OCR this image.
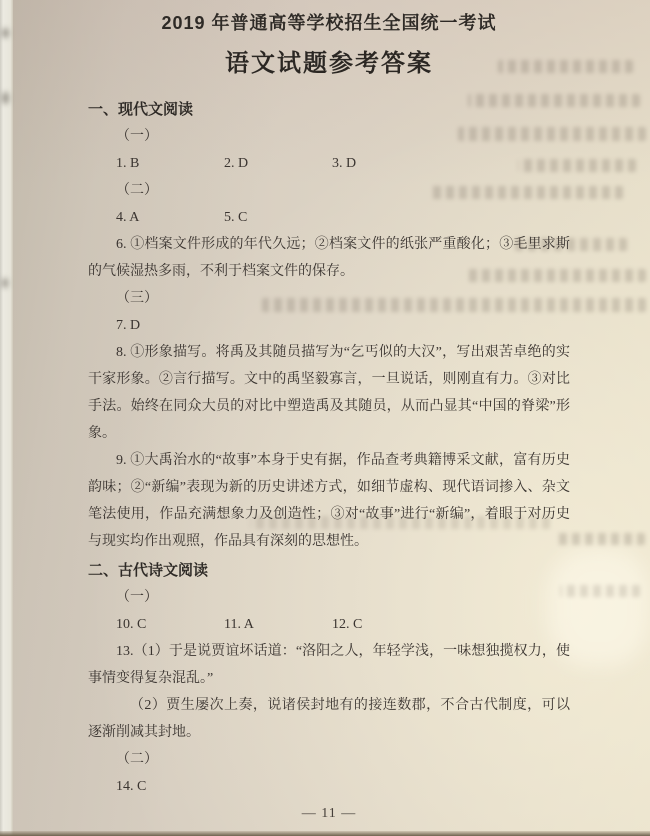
2019 年普通高等学校招生全国统一考试
语文试题参考答案
一、现代文阅读
（一）
1. B	2. D	3. D
（二）
4. A	5. C
6. ①档案文件形成的年代久远；②档案文件的纸张严重酸化；③毛里求斯的气候湿热多雨，不利于档案文件的保存。
（三）
7. D
8. ①形象描写。将禹及其随员描写为“乞丐似的大汉”，写出艰苦卓绝的实干家形象。②言行描写。文中的禹坚毅寡言，一旦说话，则刚直有力。③对比手法。始终在同众大员的对比中塑造禹及其随员，从而凸显其“中国的脊梁”形象。
9. ①大禹治水的“故事”本身于史有据，作品查考典籍博采文献，富有历史韵味；②“新编”表现为新的历史讲述方式，如细节虚构、现代语词掺入、杂文笔法使用，作品充满想象力及创造性；③对“故事”进行“新编”，着眼于对历史与现实均作出观照，作品具有深刻的思想性。
二、古代诗文阅读
（一）
10. C	11. A	12. C
13.（1）于是说贾谊坏话道：“洛阳之人，年轻学浅，一味想独揽权力，使事情变得复杂混乱。”
（2）贾生屡次上奏，说诸侯封地有的接连数郡，不合古代制度，可以逐渐削减其封地。
（二）
14. C
— 11 —
